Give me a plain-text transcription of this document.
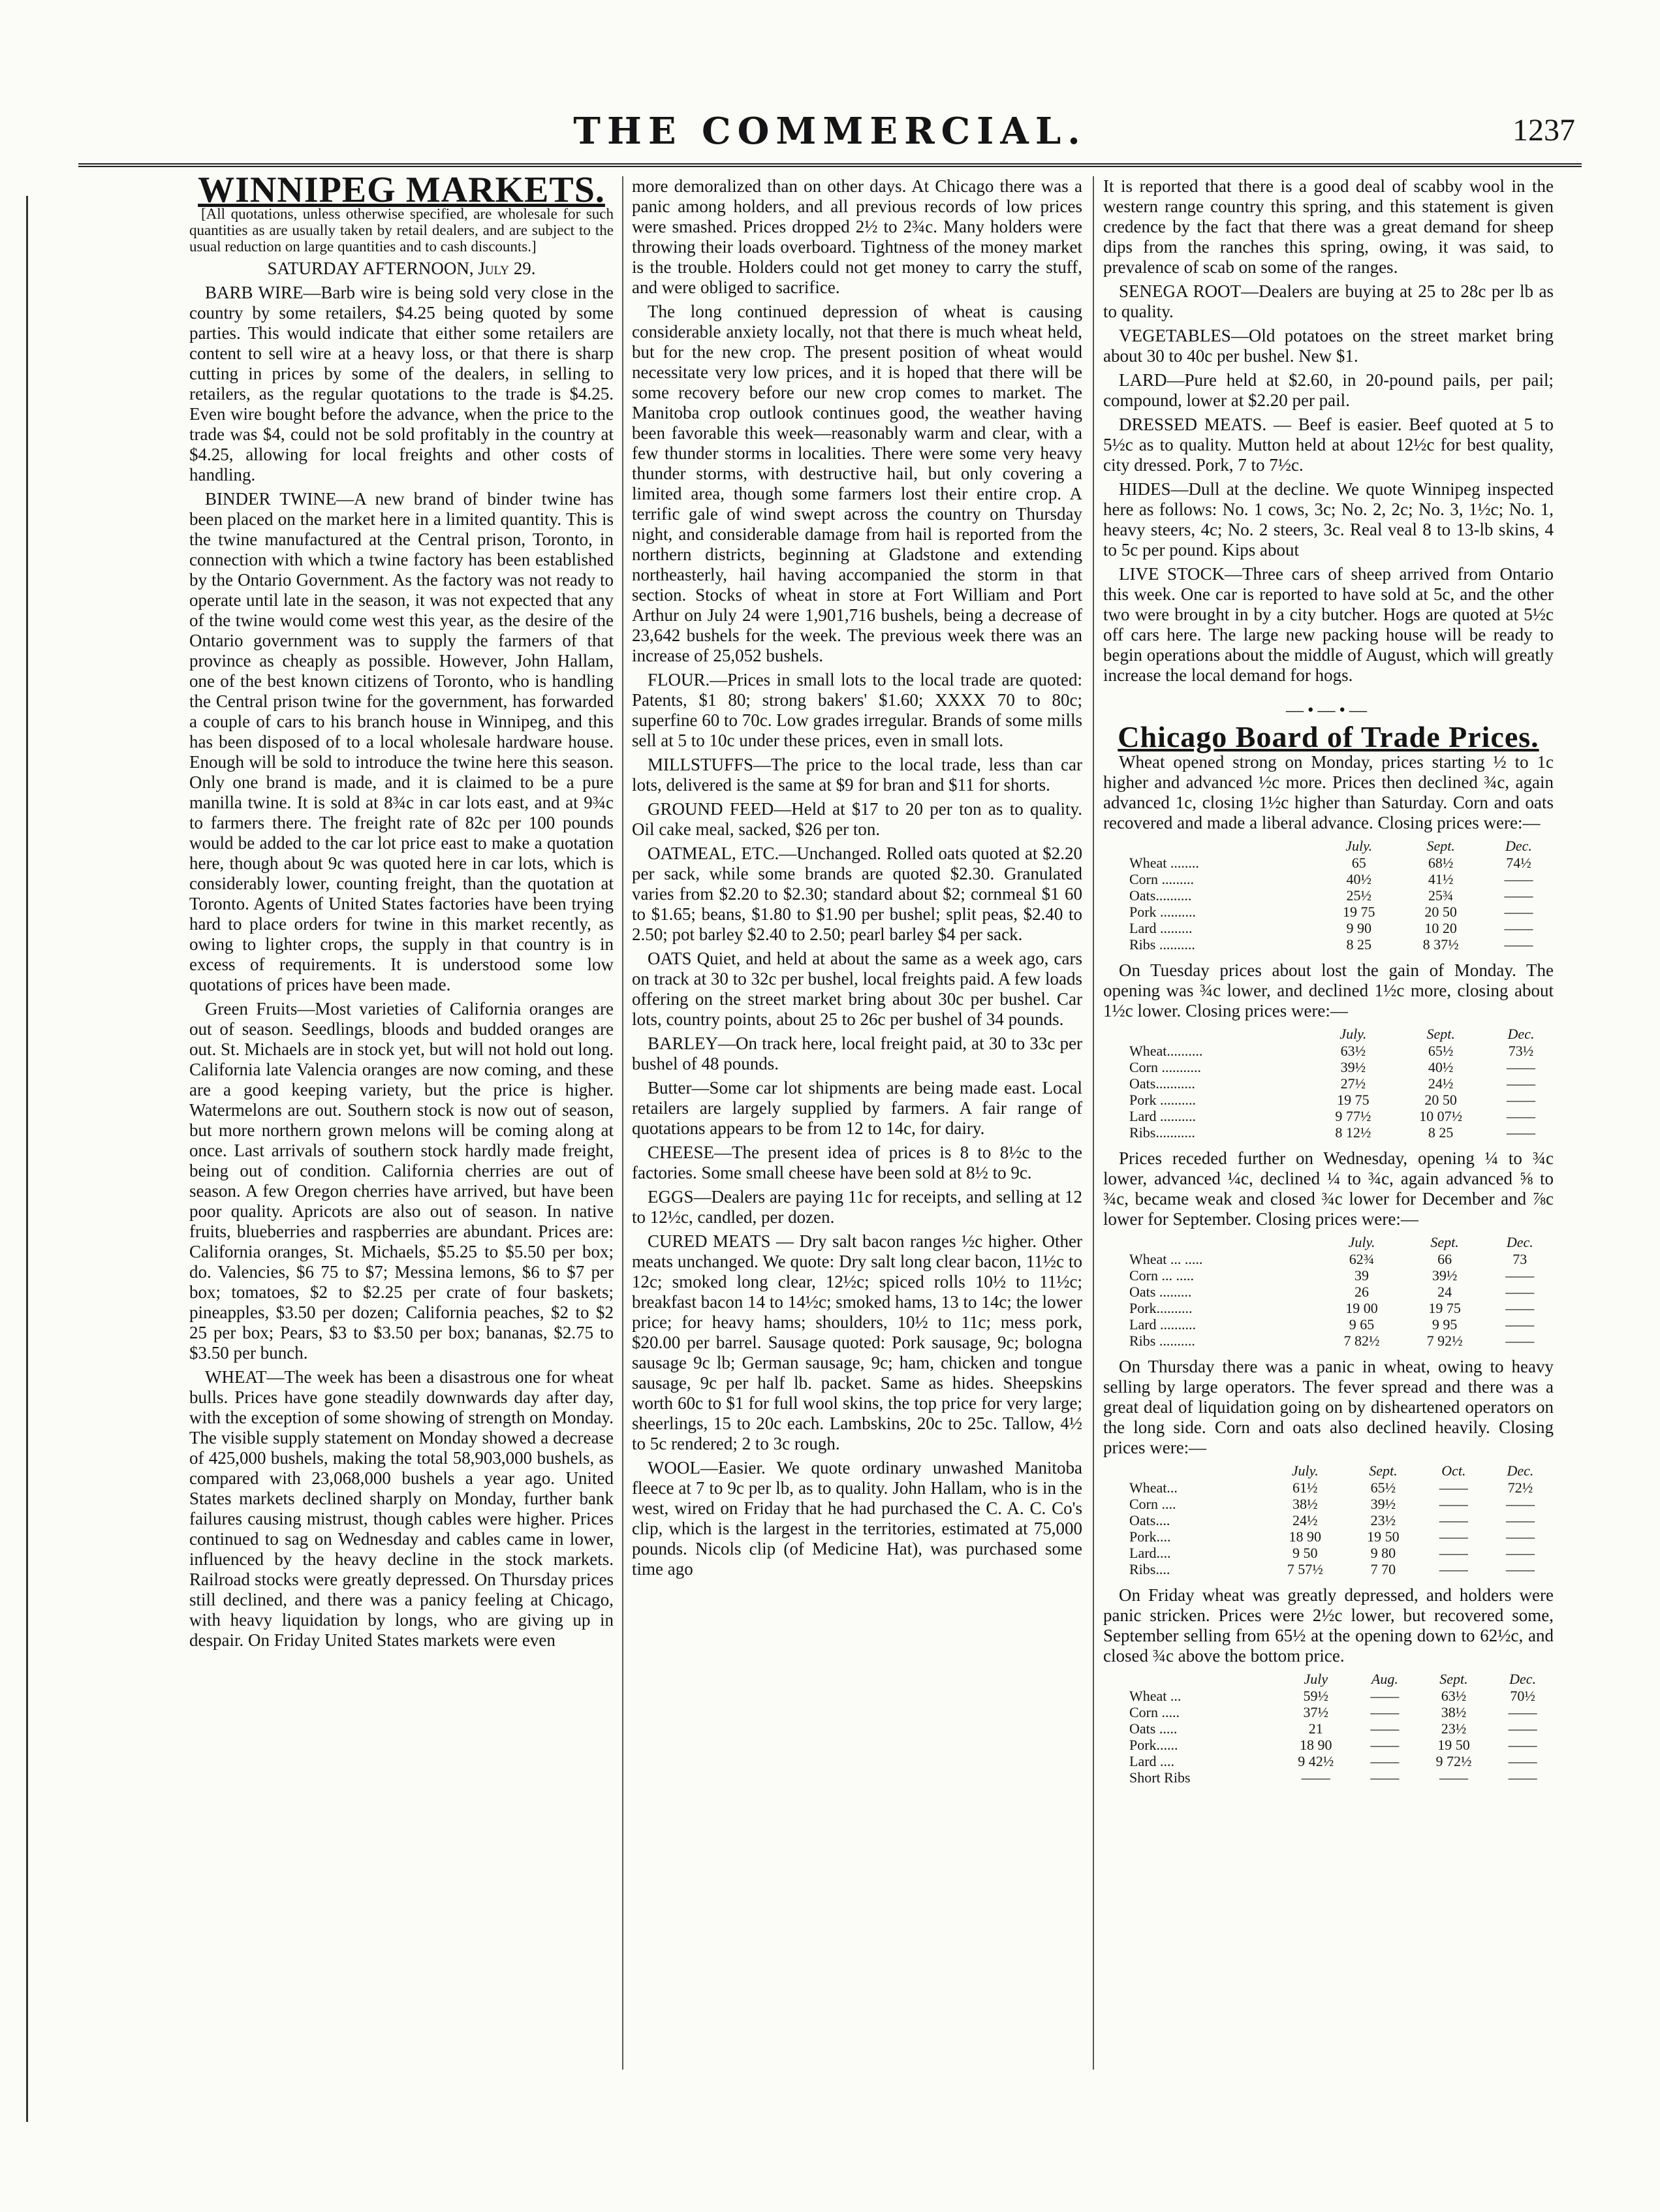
THE COMMERCIAL.	1237
WINNIPEG MARKETS.

[All quotations, unless otherwise specified, are wholesale for such quantities as are usually taken by retail dealers, and are subject to the usual reduction on large quantities and to cash discounts.]

SATURDAY AFTERNOON, July 29.

BARB WIRE—Barb wire is being sold very close in the country by some retailers, $4.25 being quoted by some parties. This would indicate that either some retailers are content to sell wire at a heavy loss, or that there is sharp cutting in prices by some of the dealers, in selling to retailers, as the regular quotations to the trade is $4.25. Even wire bought before the advance, when the price to the trade was $4, could not be sold profitably in the country at $4.25, allowing for local freights and other costs of handling.

BINDER TWINE—A new brand of binder twine has been placed on the market here in a limited quantity. This is the twine manufactured at the Central prison, Toronto, in connection with which a twine factory has been established by the Ontario Government. As the factory was not ready to operate until late in the season, it was not expected that any of the twine would come west this year, as the desire of the Ontario government was to supply the farmers of that province as cheaply as possible. However, John Hallam, one of the best known citizens of Toronto, who is handling the Central prison twine for the government, has forwarded a couple of cars to his branch house in Winnipeg, and this has been disposed of to a local wholesale hardware house. Enough will be sold to introduce the twine here this season. Only one brand is made, and it is claimed to be a pure manilla twine. It is sold at 8¾c in car lots east, and at 9¾c to farmers there. The freight rate of 82c per 100 pounds would be added to the car lot price east to make a quotation here, though about 9c was quoted here in car lots, which is considerably lower, counting freight, than the quotation at Toronto. Agents of United States factories have been trying hard to place orders for twine in this market recently, as owing to lighter crops, the supply in that country is in excess of requirements. It is understood some low quotations of prices have been made.

Green Fruits—Most varieties of California oranges are out of season. Seedlings, bloods and budded oranges are out. St. Michaels are in stock yet, but will not hold out long. California late Valencia oranges are now coming, and these are a good keeping variety, but the price is higher. Watermelons are out. Southern stock is now out of season, but more northern grown melons will be coming along at once. Last arrivals of southern stock hardly made freight, being out of condition. California cherries are out of season. A few Oregon cherries have arrived, but have been poor quality. Apricots are also out of season. In native fruits, blueberries and raspberries are abundant. Prices are: California oranges, St. Michaels, $5.25 to $5.50 per box; do. Valencies, $6 75 to $7; Messina lemons, $6 to $7 per box; tomatoes, $2 to $2.25 per crate of four baskets; pineapples, $3.50 per dozen; California peaches, $2 to $2 25 per box; Pears, $3 to $3.50 per box; bananas, $2.75 to $3.50 per bunch.

WHEAT—The week has been a disastrous one for wheat bulls. Prices have gone steadily downwards day after day, with the exception of some showing of strength on Monday. The visible supply statement on Monday showed a decrease of 425,000 bushels, making the total 58,903,000 bushels, as compared with 23,068,000 bushels a year ago. United States markets declined sharply on Monday, further bank failures causing mistrust, though cables were higher. Prices continued to sag on Wednesday and cables came in lower, influenced by the heavy decline in the stock markets. Railroad stocks were greatly depressed. On Thursday prices still declined, and there was a panicy feeling at Chicago, with heavy liquidation by longs, who are giving up in despair. On Friday United States markets were even

more demoralized than on other days. At Chicago there was a panic among holders, and all previous records of low prices were smashed. Prices dropped 2½ to 2¾c. Many holders were throwing their loads overboard. Tightness of the money market is the trouble. Holders could not get money to carry the stuff, and were obliged to sacrifice.

The long continued depression of wheat is causing considerable anxiety locally, not that there is much wheat held, but for the new crop. The present position of wheat would necessitate very low prices, and it is hoped that there will be some recovery before our new crop comes to market. The Manitoba crop outlook continues good, the weather having been favorable this week—reasonably warm and clear, with a few thunder storms in localities. There were some very heavy thunder storms, with destructive hail, but only covering a limited area, though some farmers lost their entire crop. A terrific gale of wind swept across the country on Thursday night, and considerable damage from hail is reported from the northern districts, beginning at Gladstone and extending northeasterly, hail having accompanied the storm in that section. Stocks of wheat in store at Fort William and Port Arthur on July 24 were 1,901,716 bushels, being a decrease of 23,642 bushels for the week. The previous week there was an increase of 25,052 bushels.

FLOUR.—Prices in small lots to the local trade are quoted: Patents, $1 80; strong bakers' $1.60; XXXX 70 to 80c; superfine 60 to 70c. Low grades irregular. Brands of some mills sell at 5 to 10c under these prices, even in small lots.

MILLSTUFFS—The price to the local trade, less than car lots, delivered is the same at $9 for bran and $11 for shorts.

GROUND FEED—Held at $17 to 20 per ton as to quality. Oil cake meal, sacked, $26 per ton.

OATMEAL, ETC.—Unchanged. Rolled oats quoted at $2.20 per sack, while some brands are quoted $2.30. Granulated varies from $2.20 to $2.30; standard about $2; cornmeal $1 60 to $1.65; beans, $1.80 to $1.90 per bushel; split peas, $2.40 to 2.50; pot barley $2.40 to 2.50; pearl barley $4 per sack.

OATS Quiet, and held at about the same as a week ago, cars on track at 30 to 32c per bushel, local freights paid. A few loads offering on the street market bring about 30c per bushel. Car lots, country points, about 25 to 26c per bushel of 34 pounds.

BARLEY—On track here, local freight paid, at 30 to 33c per bushel of 48 pounds.

Butter—Some car lot shipments are being made east. Local retailers are largely supplied by farmers. A fair range of quotations appears to be from 12 to 14c, for dairy.

CHEESE—The present idea of prices is 8 to 8½c to the factories. Some small cheese have been sold at 8½ to 9c.

EGGS—Dealers are paying 11c for receipts, and selling at 12 to 12½c, candled, per dozen.

CURED MEATS — Dry salt bacon ranges ½c higher. Other meats unchanged. We quote: Dry salt long clear bacon, 11½c to 12c; smoked long clear, 12½c; spiced rolls 10½ to 11½c; breakfast bacon 14 to 14½c; smoked hams, 13 to 14c; the lower price; for heavy hams; shoulders, 10½ to 11c; mess pork, $20.00 per barrel. Sausage quoted: Pork sausage, 9c; bologna sausage 9c lb; German sausage, 9c; ham, chicken and tongue sausage, 9c per half lb. packet. Same as hides. Sheepskins worth 60c to $1 for full wool skins, the top price for very large; sheerlings, 15 to 20c each. Lambskins, 20c to 25c. Tallow, 4½ to 5c rendered; 2 to 3c rough.

WOOL—Easier. We quote ordinary unwashed Manitoba fleece at 7 to 9c per lb, as to quality. John Hallam, who is in the west, wired on Friday that he had purchased the C. A. C. Co's clip, which is the largest in the territories, estimated at 75,000 pounds. Nicols clip (of Medicine Hat), was purchased some time ago

It is reported that there is a good deal of scabby wool in the western range country this spring, and this statement is given credence by the fact that there was a great demand for sheep dips from the ranches this spring, owing, it was said, to prevalence of scab on some of the ranges.

SENEGA ROOT—Dealers are buying at 25 to 28c per lb as to quality.

VEGETABLES—Old potatoes on the street market bring about 30 to 40c per bushel. New $1.

LARD—Pure held at $2.60, in 20-pound pails, per pail; compound, lower at $2.20 per pail.

DRESSED MEATS. — Beef is easier. Beef quoted at 5 to 5½c as to quality. Mutton held at about 12½c for best quality, city dressed. Pork, 7 to 7½c.

HIDES—Dull at the decline. We quote Winnipeg inspected here as follows: No. 1 cows, 3c; No. 2, 2c; No. 3, 1½c; No. 1, heavy steers, 4c; No. 2 steers, 3c. Real veal 8 to 13-lb skins, 4 to 5c per pound. Kips about

LIVE STOCK—Three cars of sheep arrived from Ontario this week. One car is reported to have sold at 5c, and the other two were brought in by a city butcher. Hogs are quoted at 5½c off cars here. The large new packing house will be ready to begin operations about the middle of August, which will greatly increase the local demand for hogs.

—•—•—
Chicago Board of Trade Prices.

Wheat opened strong on Monday, prices starting ½ to 1c higher and advanced ½c more. Prices then declined ¾c, again advanced 1c, closing 1½c higher than Saturday. Corn and oats recovered and made a liberal advance. Closing prices were:—

	July.	Sept.	Dec.
Wheat ........	65	68½	74½
Corn .........	40½	41½	——
Oats..........	25½	25¾	——
Pork ..........	19 75	20 50	——
Lard .........	9 90	10 20	——
Ribs ..........	8 25	8 37½	——

On Tuesday prices about lost the gain of Monday. The opening was ¾c lower, and declined 1½c more, closing about 1½c lower. Closing prices were:—

	July.	Sept.	Dec.
Wheat..........	63½	65½	73½
Corn ...........	39½	40½	——
Oats...........	27½	24½	——
Pork ..........	19 75	20 50	——
Lard ..........	9 77½	10 07½	——
Ribs...........	8 12½	8 25	——

Prices receded further on Wednesday, opening ¼ to ¾c lower, advanced ¼c, declined ¼ to ¾c, again advanced ⅝ to ¾c, became weak and closed ¾c lower for December and ⅞c lower for September. Closing prices were:—

	July.	Sept.	Dec.
Wheat ... .....	62¾	66	73
Corn ... .....	39	39½	——
Oats .........	26	24	——
Pork..........	19 00	19 75	——
Lard ..........	9 65	9 95	——
Ribs ..........	7 82½	7 92½	——

On Thursday there was a panic in wheat, owing to heavy selling by large operators. The fever spread and there was a great deal of liquidation going on by disheartened operators on the long side. Corn and oats also declined heavily. Closing prices were:—

	July.	Sept.	Oct.	Dec.
Wheat...	61½	65½	——	72½
Corn ....	38½	39½	——	——
Oats....	24½	23½	——	——
Pork....	18 90	19 50	——	——
Lard....	9 50	9 80	——	——
Ribs....	7 57½	7 70	——	——

On Friday wheat was greatly depressed, and holders were panic stricken. Prices were 2½c lower, but recovered some, September selling from 65½ at the opening down to 62½c, and closed ¾c above the bottom price.

	July	Aug.	Sept.	Dec.
Wheat ...	59½	——	63½	70½
Corn .....	37½	——	38½	——
Oats .....	21	——	23½	——
Pork......	18 90	——	19 50	——
Lard ....	9 42½	——	9 72½	——
Short Ribs	——	——	——	——
